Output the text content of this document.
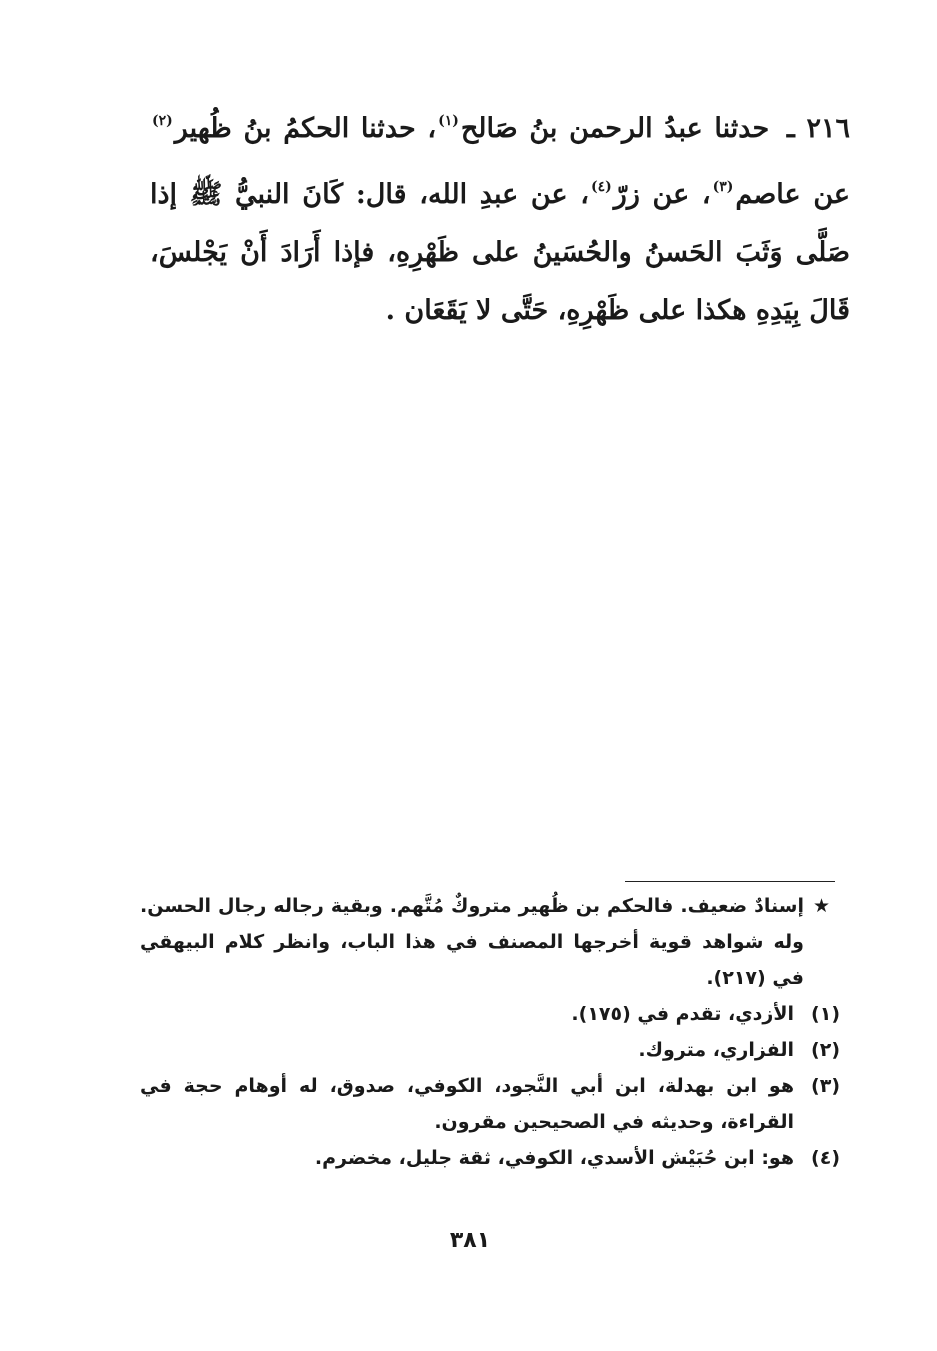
٢١٦ ـ حدثنا عبدُ الرحمن بنُ صَالح$^{(١)}$، حدثنا الحكمُ بنُ ظُهير$^{(٢)}$ عن عاصم$^{(٣)}$، عن زرّ$^{(٤)}$، عن عبدِ الله، قال: كَانَ النبيُّ ﷺ إذا صَلَّى وَثَبَ الحَسنُ والحُسَينُ على ظَهْرِهِ، فإذا أَرَادَ أَنْ يَجْلسَ، قَالَ بِيَدِهِ هكذا على ظَهْرِهِ، حَتَّى لا يَقَعَان .
★
إسنادٌ ضعيف. فالحكم بن ظُهير متروكٌ مُتَّهم. وبقية رجاله رجال الحسن. وله شواهد قوية أخرجها المصنف في هذا الباب، وانظر كلام البيهقي في (٢١٧).
(١)
الأزدي، تقدم في (١٧٥).
(٢)
الفزاري، متروك.
(٣)
هو ابن بهدلة، ابن أبي النَّجود، الكوفي، صدوق، له أوهام حجة في القراءة، وحديثه في الصحيحين مقرون.
(٤)
هو: ابن حُبَيْش الأسدي، الكوفي، ثقة جليل، مخضرم.
٣٨١
